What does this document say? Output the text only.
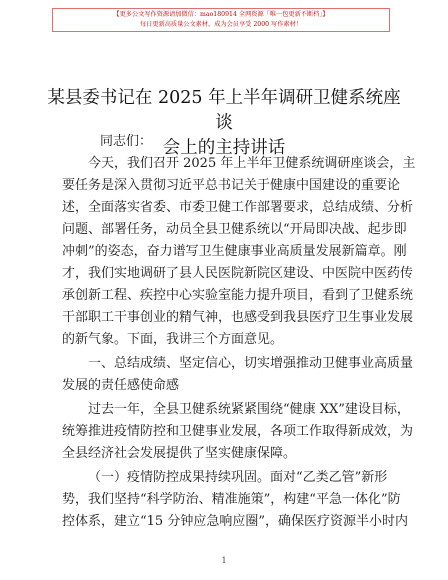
【更多公文写作资源请加微信：mao180914 全网资源「唯一包更新不断档」】
每日更新高质量公文素材，成为会员享受 2000 写作素材！
某县委书记在 2025 年上半年调研卫健系统座谈
会上的主持讲话
同志们：
今天，我们召开 2025 年上半年卫健系统调研座谈会，主
要任务是深入贯彻习近平总书记关于健康中国建设的重要论
述，全面落实省委、市委卫健工作部署要求，总结成绩、分析
问题、部署任务，动员全县卫健系统以“开局即决战、起步即
冲刺”的姿态，奋力谱写卫生健康事业高质量发展新篇章。刚
才，我们实地调研了县人民医院新院区建设、中医院中医药传
承创新工程、疾控中心实验室能力提升项目，看到了卫健系统
干部职工干事创业的精气神，也感受到我县医疗卫生事业发展
的新气象。下面，我讲三个方面意见。
一、总结成绩、坚定信心，切实增强推动卫健事业高质量
发展的责任感使命感
过去一年，全县卫健系统紧紧围绕“健康 XX”建设目标，
统筹推进疫情防控和卫健事业发展，各项工作取得新成效，为
全县经济社会发展提供了坚实健康保障。
（一）疫情防控成果持续巩固。面对“乙类乙管”新形
势，我们坚持“科学防治、精准施策”，构建“平急一体化”防
控体系，建立“15 分钟应急响应圈”，确保医疗资源半小时内
1
